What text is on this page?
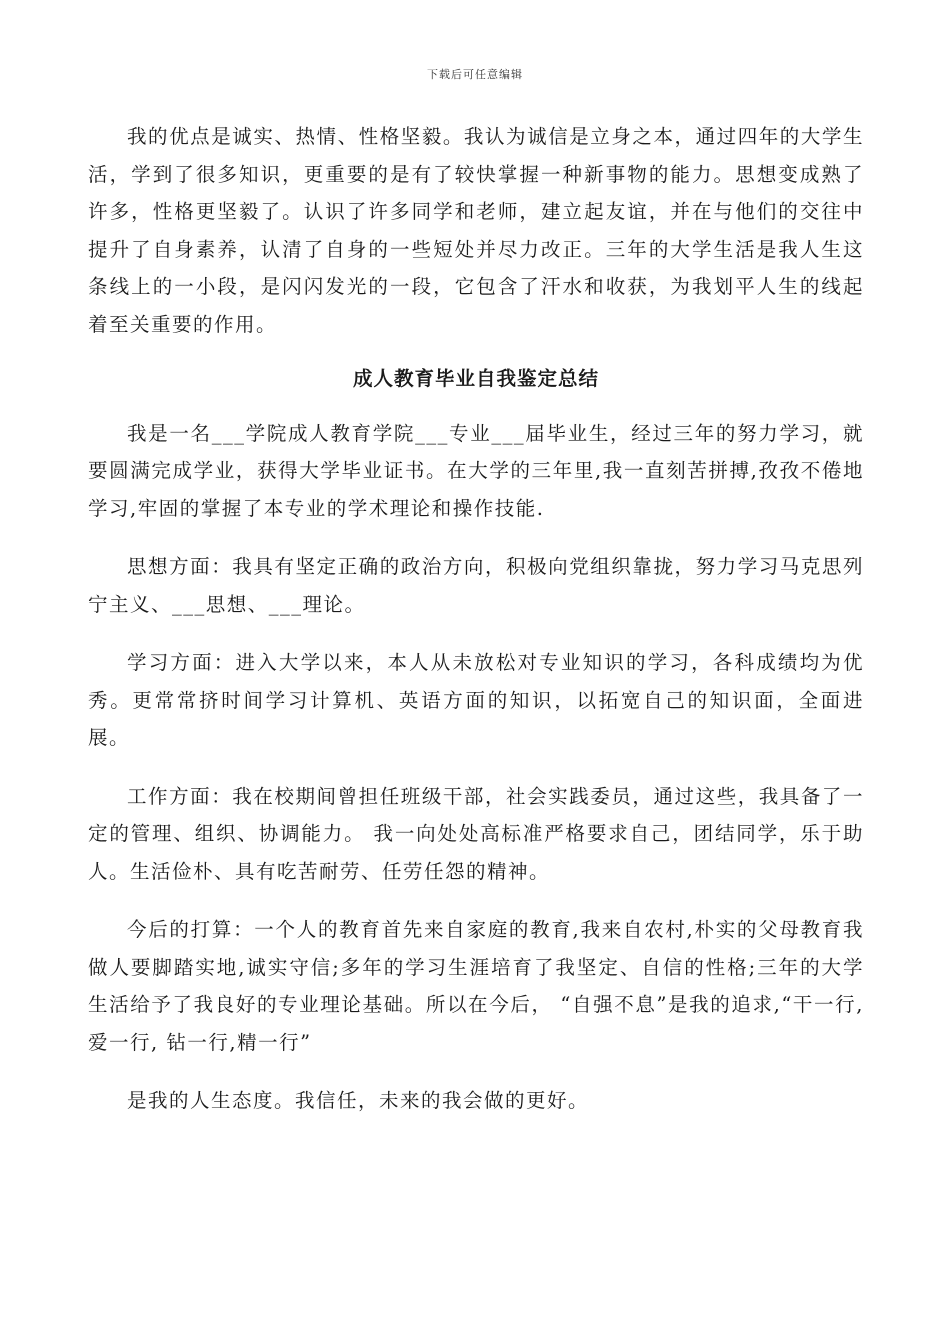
下载后可任意编辑

我的优点是诚实、热情、性格坚毅。我认为诚信是立身之本，通过四年的大学生活，学到了很多知识，更重要的是有了较快掌握一种新事物的能力。思想变成熟了许多，性格更坚毅了。认识了许多同学和老师，建立起友谊，并在与他们的交往中提升了自身素养，认清了自身的一些短处并尽力改正。三年的大学生活是我人生这条线上的一小段，是闪闪发光的一段，它包含了汗水和收获，为我划平人生的线起着至关重要的作用。

成人教育毕业自我鉴定总结

我是一名___学院成人教育学院___专业___届毕业生，经过三年的努力学习，就要圆满完成学业，获得大学毕业证书。在大学的三年里,我一直刻苦拼搏,孜孜不倦地学习,牢固的掌握了本专业的学术理论和操作技能.

思想方面：我具有坚定正确的政治方向，积极向党组织靠拢，努力学习马克思列宁主义、___思想、___理论。

学习方面：进入大学以来，本人从未放松对专业知识的学习，各科成绩均为优秀。更常常挤时间学习计算机、英语方面的知识，以拓宽自己的知识面，全面进展。

工作方面：我在校期间曾担任班级干部，社会实践委员，通过这些，我具备了一定的管理、组织、协调能力。 我一向处处高标准严格要求自己，团结同学，乐于助人。生活俭朴、具有吃苦耐劳、任劳任怨的精神。

今后的打算：一个人的教育首先来自家庭的教育,我来自农村,朴实的父母教育我做人要脚踏实地,诚实守信;多年的学习生涯培育了我坚定、自信的性格;三年的大学生活给予了我良好的专业理论基础。所以在今后， “自强不息”是我的追求,“干一行,爱一行, 钻一行,精一行”

是我的人生态度。我信任，未来的我会做的更好。
